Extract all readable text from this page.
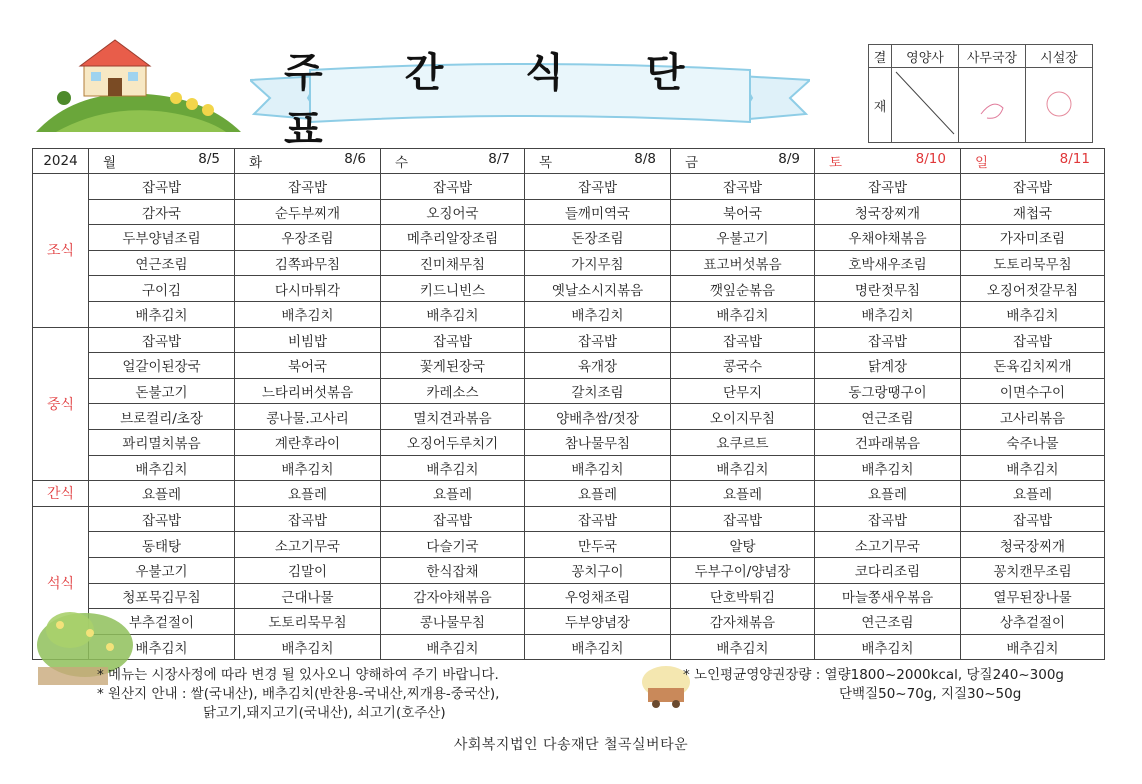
주 간 식 단 표
결	영양사	사무국장	시설장
재			
2024	월 8/5	화 8/6	수 8/7	목 8/8	금 8/9	토 8/10	일 8/11

조식	잡곡밥	잡곡밥	잡곡밥	잡곡밥	잡곡밥	잡곡밥	잡곡밥
	감자국	순두부찌개	오징어국	들깨미역국	북어국	청국장찌개	재첩국
	두부양념조림	우장조림	메추리알장조림	돈장조림	우불고기	우채야채볶음	가자미조림
	연근조림	김쪽파무침	진미채무침	가지무침	표고버섯볶음	호박새우조림	도토리묵무침
	구이김	다시마튀각	키드니빈스	옛날소시지볶음	깻잎순볶음	명란젓무침	오징어젓갈무침
	배추김치	배추김치	배추김치	배추김치	배추김치	배추김치	배추김치
중식	잡곡밥	비빔밥	잡곡밥	잡곡밥	잡곡밥	잡곡밥	잡곡밥
	얼갈이된장국	북어국	꽃게된장국	육개장	콩국수	닭계장	돈육김치찌개
	돈불고기	느타리버섯볶음	카레소스	갈치조림	단무지	동그랑땡구이	이면수구이
	브로컬리/초장	콩나물.고사리	멸치견과볶음	양배추쌈/젓장	오이지무침	연근조림	고사리볶음
	꽈리멸치볶음	계란후라이	오징어두루치기	참나물무침	요쿠르트	건파래볶음	숙주나물
	배추김치	배추김치	배추김치	배추김치	배추김치	배추김치	배추김치
간식	요플레	요플레	요플레	요플레	요플레	요플레	요플레
석식	잡곡밥	잡곡밥	잡곡밥	잡곡밥	잡곡밥	잡곡밥	잡곡밥
	동태탕	소고기무국	다슬기국	만두국	알탕	소고기무국	청국장찌개
	우불고기	김말이	한식잡채	꽁치구이	두부구이/양념장	코다리조림	꽁치캔무조림
	청포묵김무침	근대나물	감자야채볶음	우엉채조림	단호박튀김	마늘쫑새우볶음	열무된장나물
	부추겉절이	도토리묵무침	콩나물무침	두부양념장	감자채볶음	연근조림	상추겉절이
	배추김치	배추김치	배추김치	배추김치	배추김치	배추김치	배추김치
* 메뉴는 시장사정에 따라 변경 될 있사오니 양해하여 주기 바랍니다.
* 원산지 안내 : 쌀(국내산), 배추김치(반찬용-국내산,찌개용-중국산),
닭고기,돼지고기(국내산), 쇠고기(호주산)
* 노인평균영양권장량 : 열량1800~2000kcal, 당질240~300g
단백질50~70g, 지질30~50g
사회복지법인 다송재단 철곡실버타운
